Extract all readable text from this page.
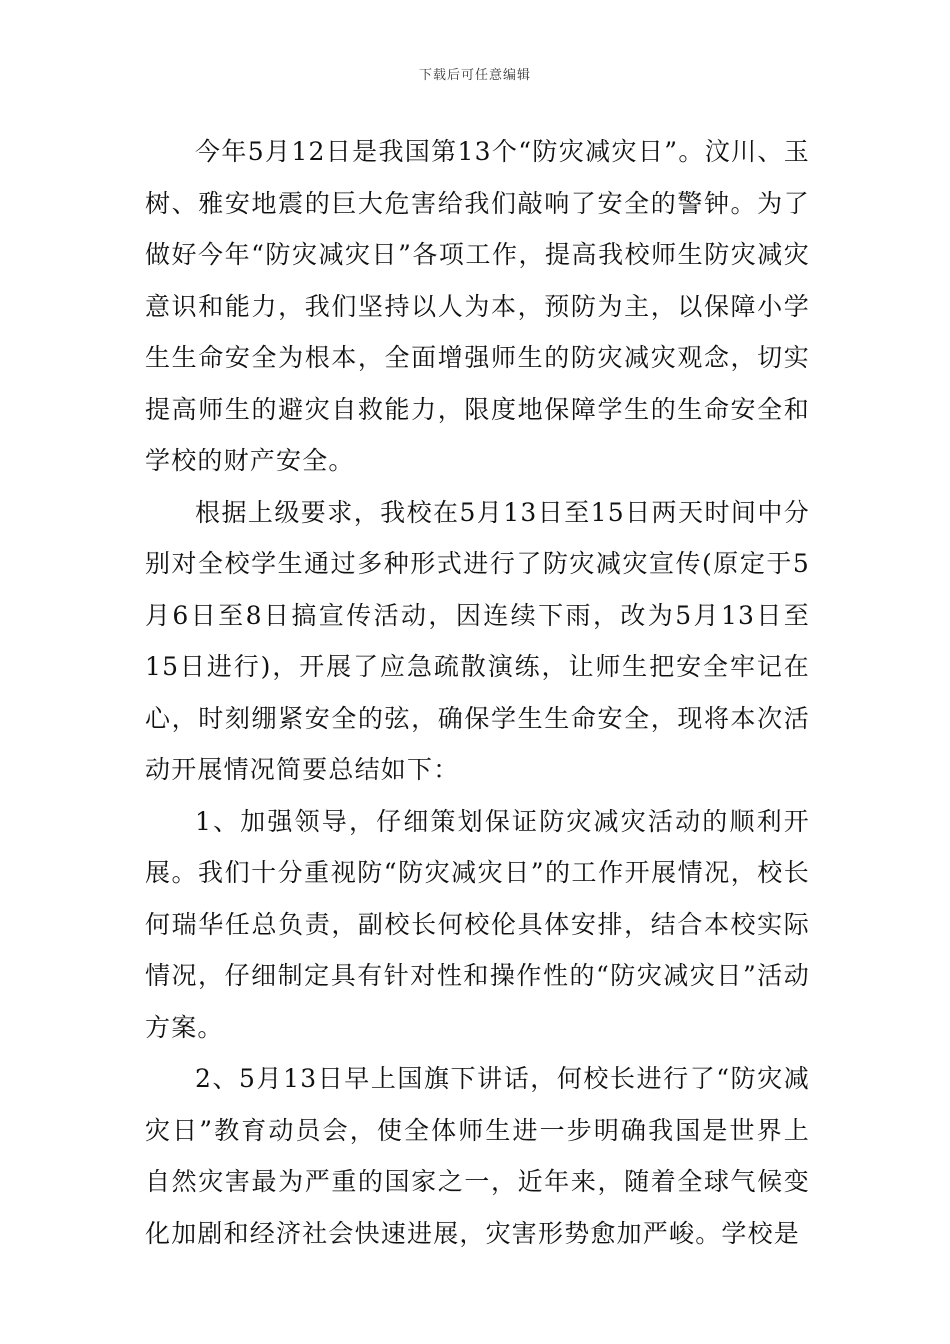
下载后可任意编辑

今年5月12日是我国第13个“防灾减灾日”。汶川、玉树、雅安地震的巨大危害给我们敲响了安全的警钟。为了做好今年“防灾减灾日”各项工作，提高我校师生防灾减灾意识和能力，我们坚持以人为本，预防为主，以保障小学生生命安全为根本，全面增强师生的防灾减灾观念，切实提高师生的避灾自救能力，限度地保障学生的生命安全和学校的财产安全。

根据上级要求，我校在5月13日至15日两天时间中分别对全校学生通过多种形式进行了防灾减灾宣传(原定于5月6日至8日搞宣传活动，因连续下雨，改为5月13日至15日进行)，开展了应急疏散演练，让师生把安全牢记在心，时刻绷紧安全的弦，确保学生生命安全，现将本次活动开展情况简要总结如下：

1、加强领导，仔细策划保证防灾减灾活动的顺利开展。我们十分重视防“防灾减灾日”的工作开展情况，校长何瑞华任总负责，副校长何校伦具体安排，结合本校实际情况，仔细制定具有针对性和操作性的“防灾减灾日”活动方案。

2、5月13日早上国旗下讲话，何校长进行了“防灾减灾日”教育动员会，使全体师生进一步明确我国是世界上自然灾害最为严重的国家之一，近年来，随着全球气候变化加剧和经济社会快速进展，灾害形势愈加严峻。学校是
